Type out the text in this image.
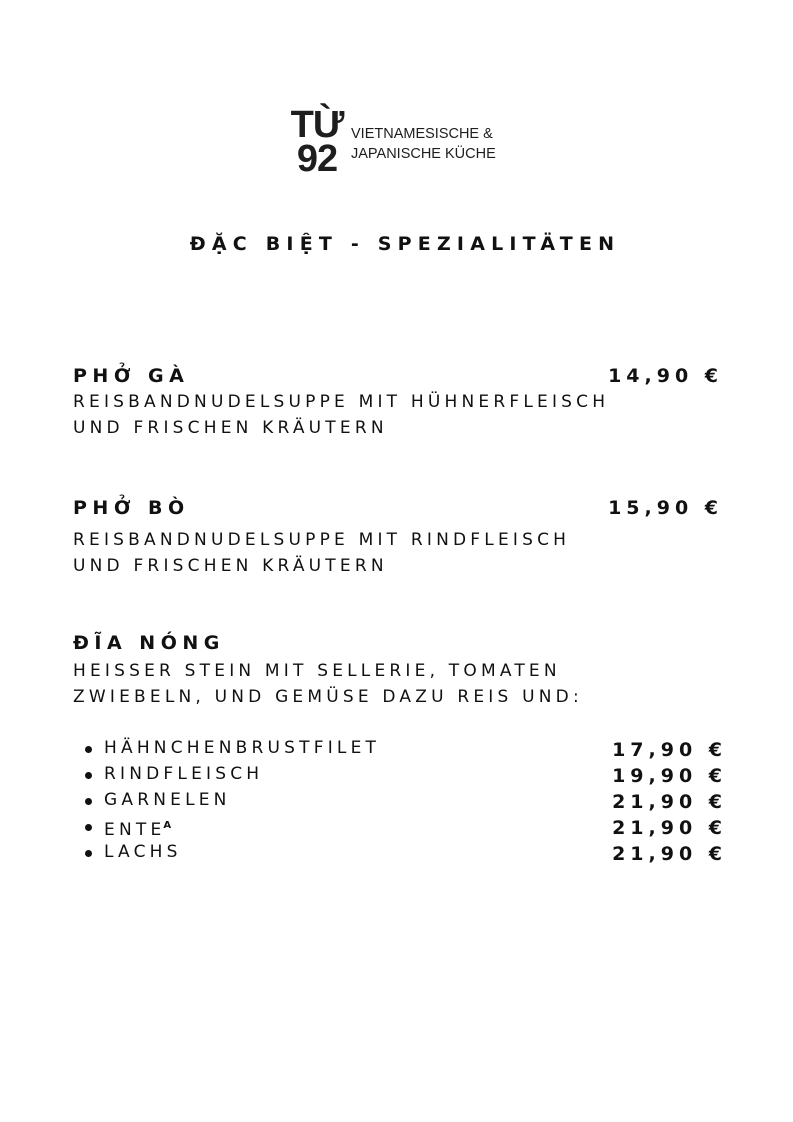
TỪ
92
VIETNAMESISCHE &
JAPANISCHE KÜCHE
ĐẶC BIỆT - SPEZIALITÄTEN
PHỞ GÀ	14,90 €
REISBANDNUDELSUPPE MIT HÜHNERFLEISCH
UND FRISCHEN KRÄUTERN
PHỞ BÒ	15,90 €
REISBANDNUDELSUPPE MIT RINDFLEISCH
UND FRISCHEN KRÄUTERN
ĐĨA NÓNG
HEISSER STEIN MIT SELLERIE, TOMATEN
ZWIEBELN, UND GEMÜSE DAZU REIS UND:
HÄHNCHENBRUSTFILET	17,90 €
RINDFLEISCH	19,90 €
GARNELEN	21,90 €
$ENTE^A$	21,90 €
LACHS	21,90 €
